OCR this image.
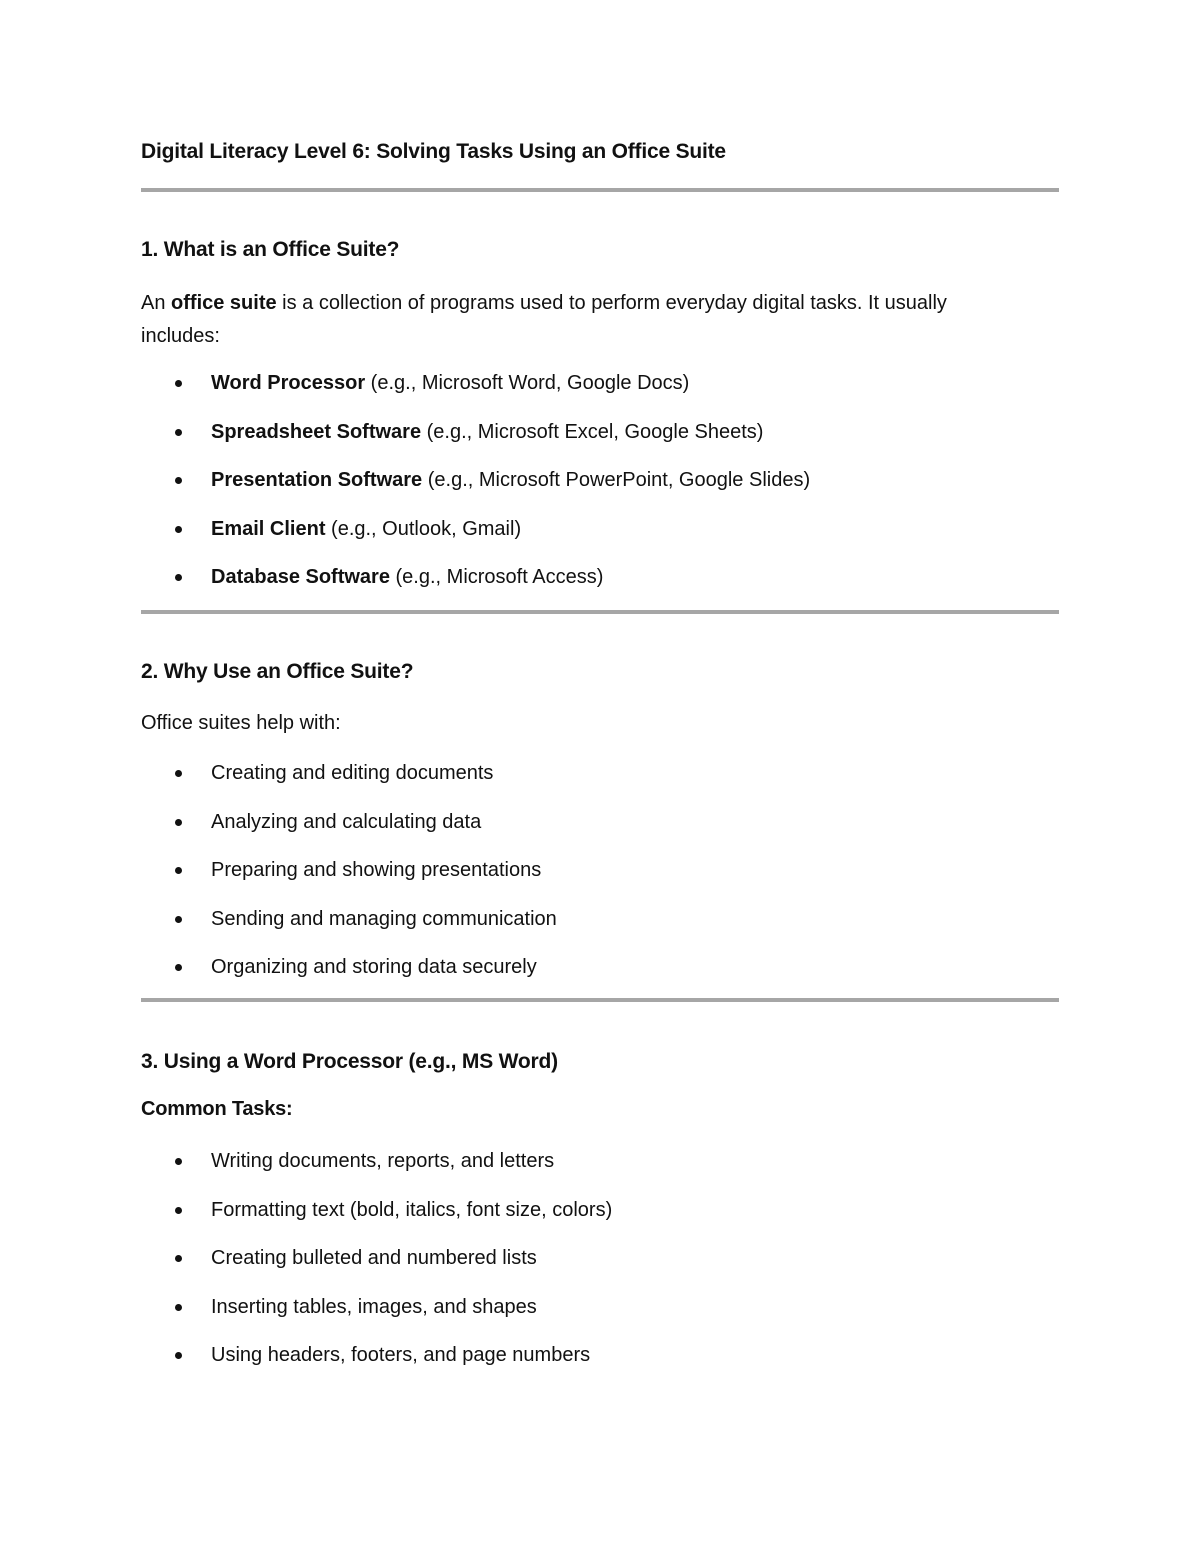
Digital Literacy Level 6: Solving Tasks Using an Office Suite
1. What is an Office Suite?
An office suite is a collection of programs used to perform everyday digital tasks. It usually includes:
Word Processor (e.g., Microsoft Word, Google Docs)
Spreadsheet Software (e.g., Microsoft Excel, Google Sheets)
Presentation Software (e.g., Microsoft PowerPoint, Google Slides)
Email Client (e.g., Outlook, Gmail)
Database Software (e.g., Microsoft Access)
2. Why Use an Office Suite?
Office suites help with:
Creating and editing documents
Analyzing and calculating data
Preparing and showing presentations
Sending and managing communication
Organizing and storing data securely
3. Using a Word Processor (e.g., MS Word)
Common Tasks:
Writing documents, reports, and letters
Formatting text (bold, italics, font size, colors)
Creating bulleted and numbered lists
Inserting tables, images, and shapes
Using headers, footers, and page numbers
